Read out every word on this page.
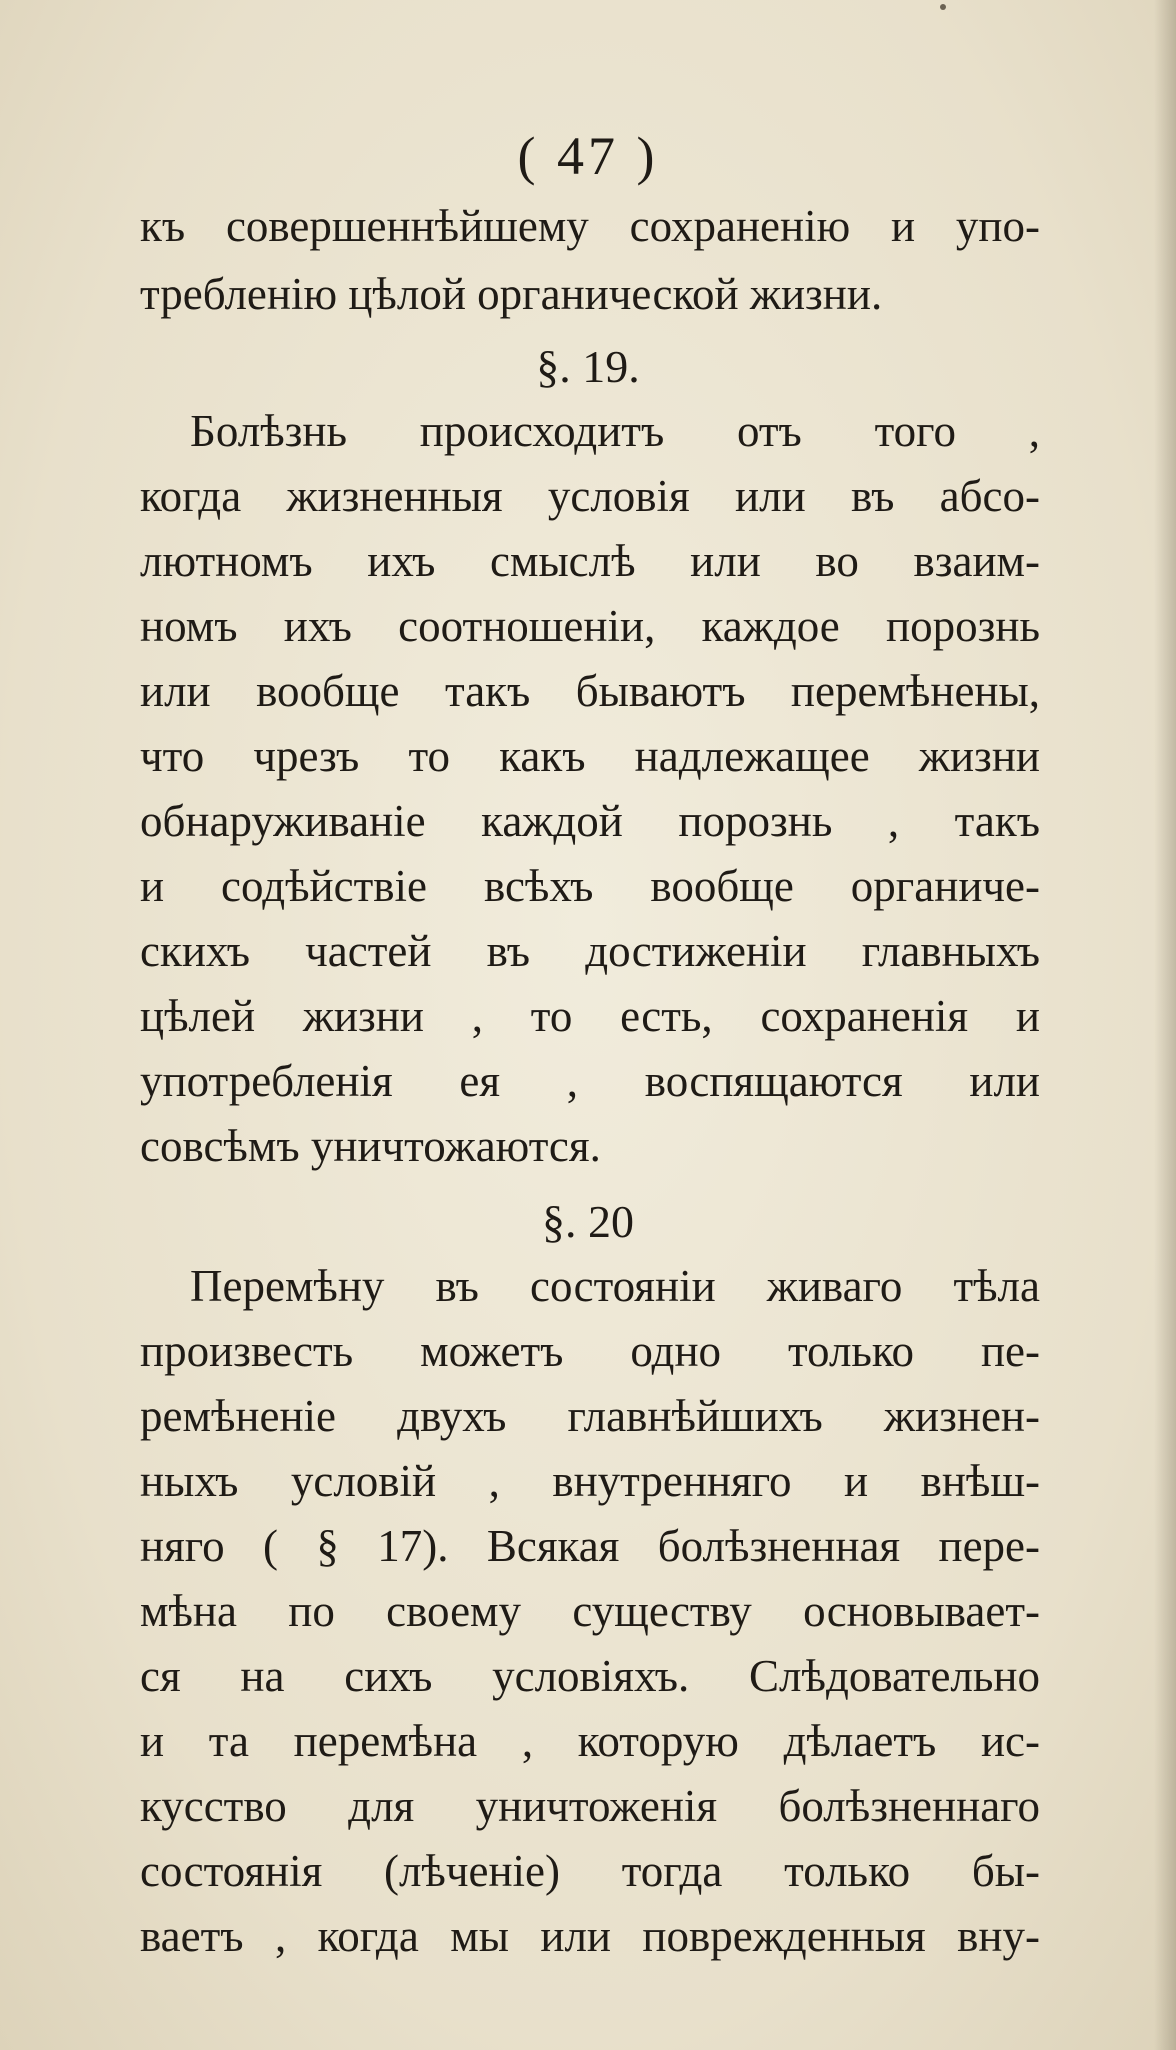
( 47 )
къ совершеннѣйшему сохраненію и упо-
требленію цѣлой органической жизни.
§. 19.
Болѣзнь происходитъ отъ того ,
когда жизненныя условія или въ абсо-
лютномъ ихъ смыслѣ или во взаим-
номъ ихъ соотношеніи, каждое порознь
или вообще такъ бываютъ перемѣнены,
что чрезъ то какъ надлежащее жизни
обнаруживаніе каждой порознь , такъ
и содѣйствіе всѣхъ вообще органиче-
скихъ частей въ достиженіи главныхъ
цѣлей жизни , то есть, сохраненія и
употребленія ея , воспящаются или
совсѣмъ уничтожаются.
§. 20
Перемѣну въ состояніи живаго тѣла
произвесть можетъ одно только пе-
ремѣненіе двухъ главнѣйшихъ жизнен-
ныхъ условій , внутренняго и внѣш-
няго ( § 17). Всякая болѣзненная пере-
мѣна по своему существу основывает-
ся на сихъ условіяхъ. Слѣдовательно
и та перемѣна , которую дѣлаетъ ис-
кусство для уничтоженія болѣзненнаго
состоянія (лѣченіе) тогда только бы-
ваетъ , когда мы или поврежденныя вну-
